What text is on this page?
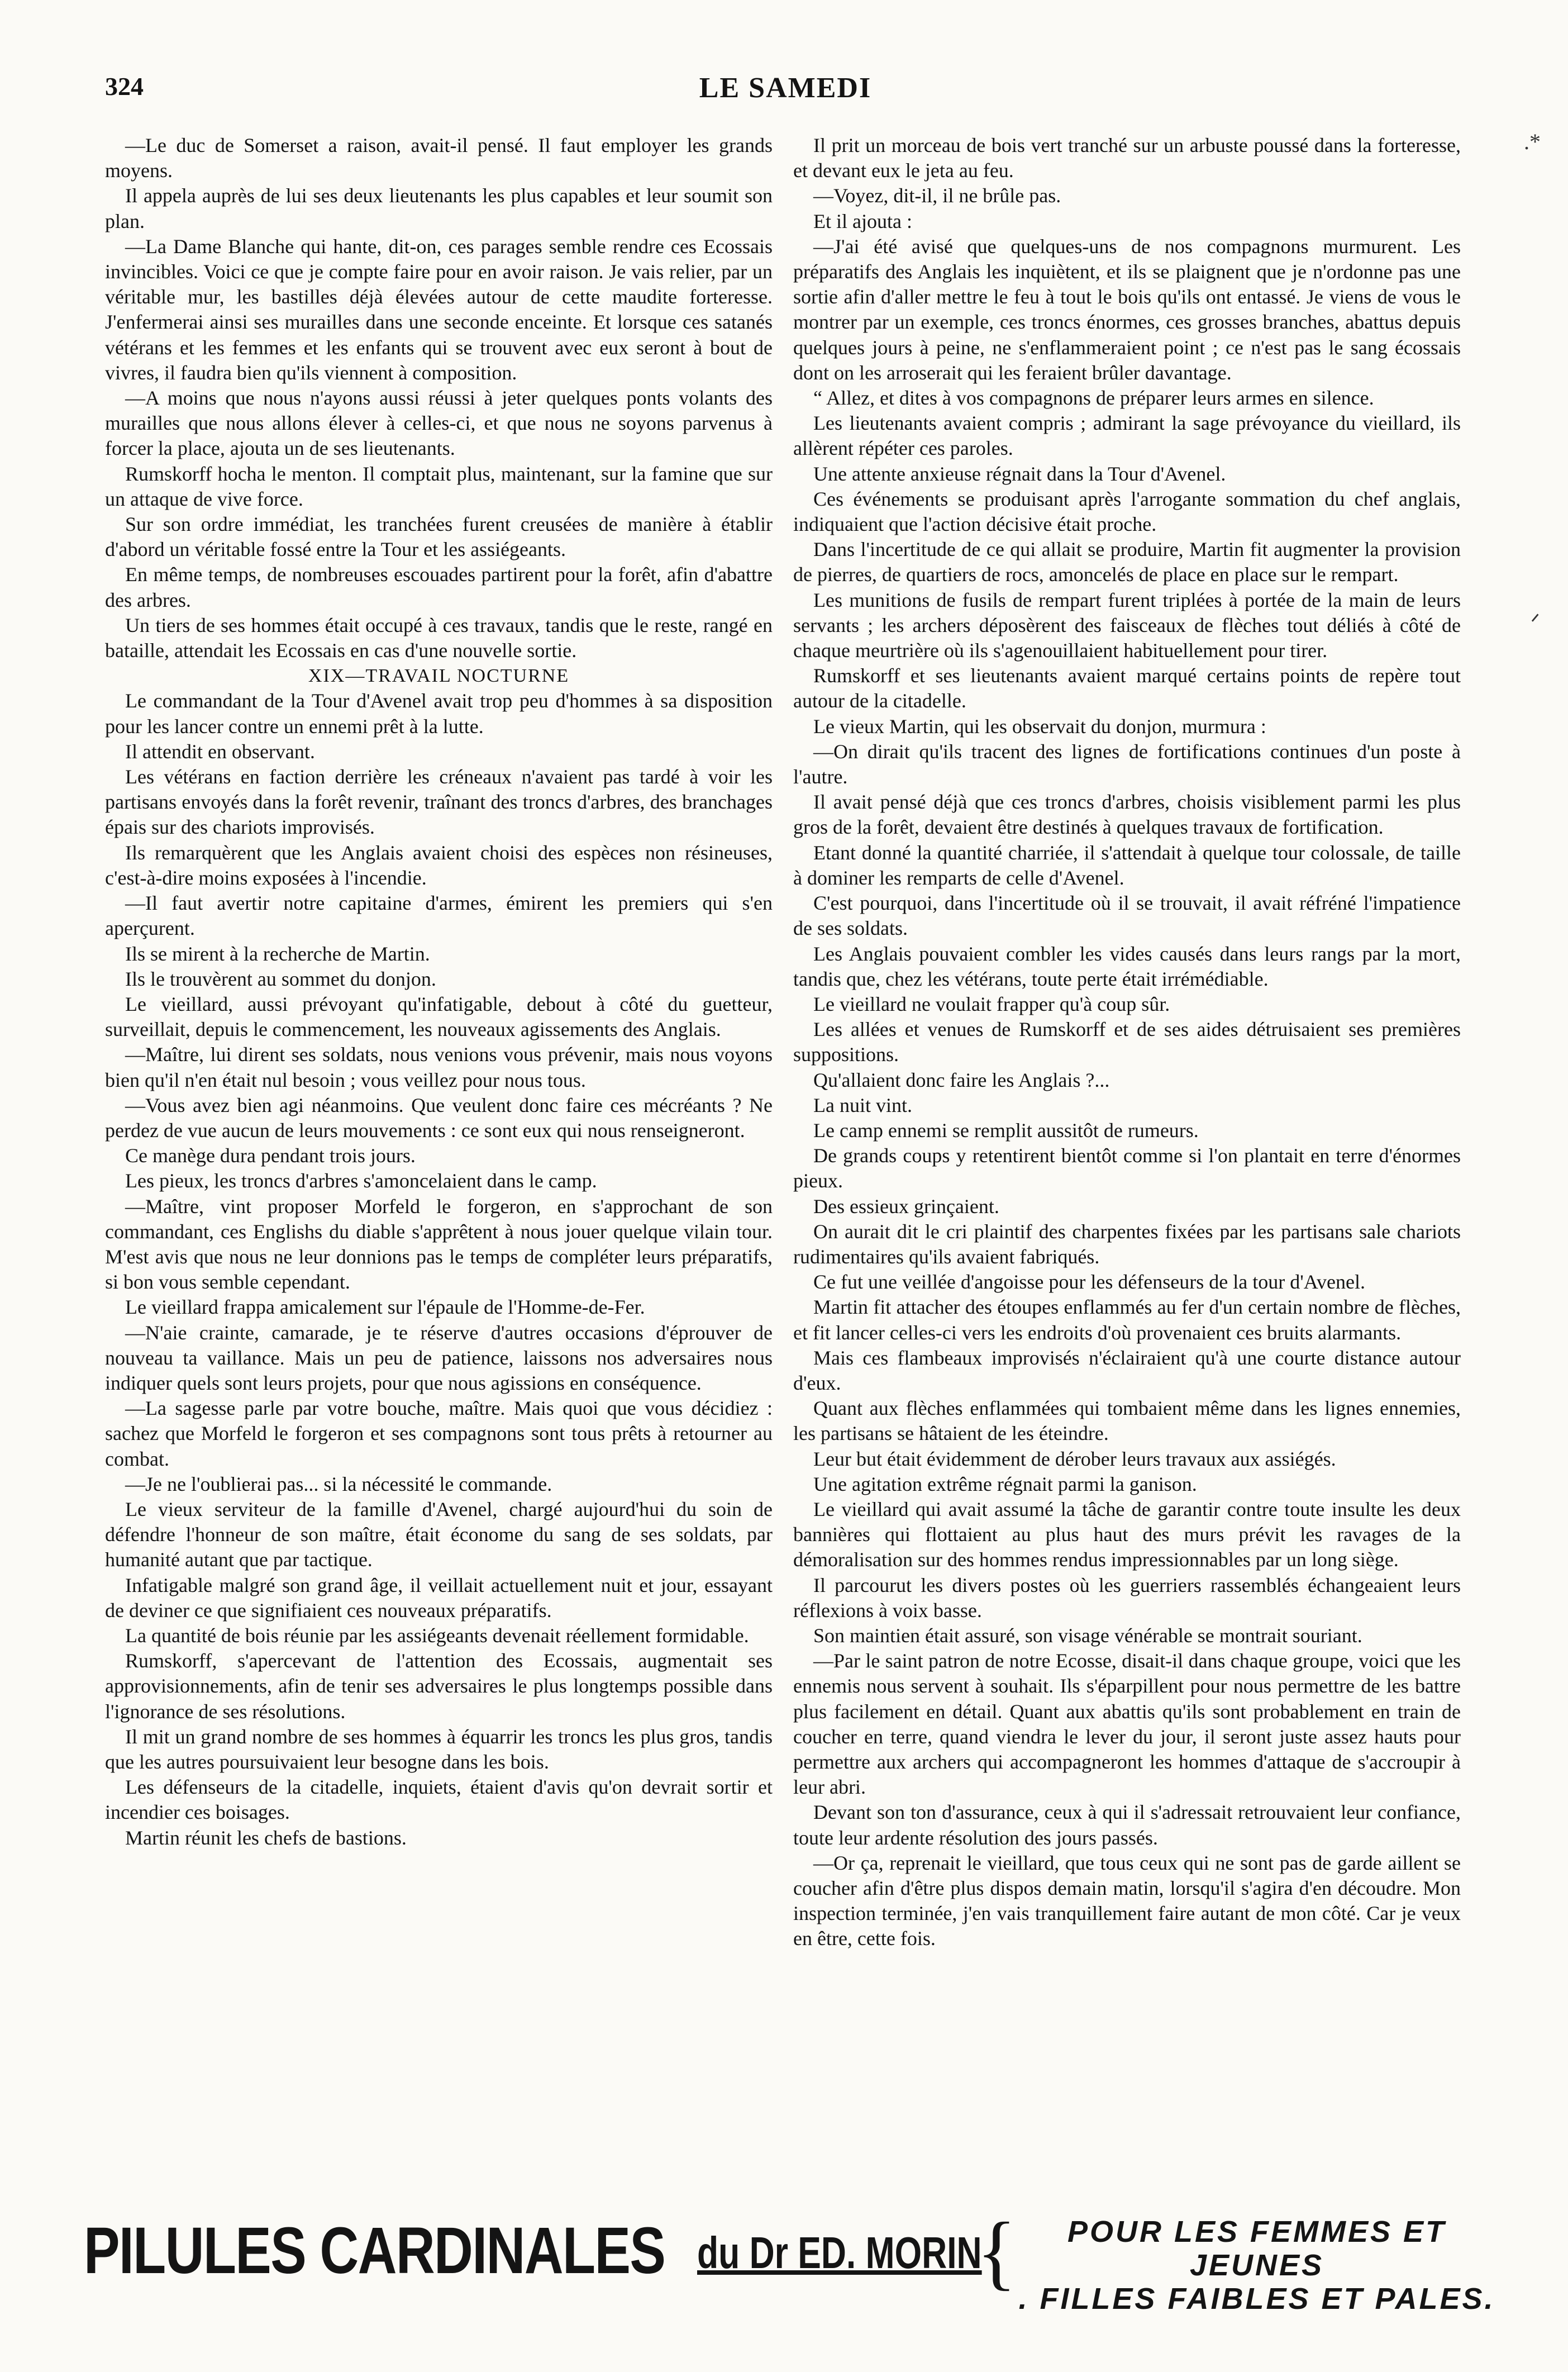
324	LE SAMEDI

—Le duc de Somerset a raison, avait-il pensé. Il faut employer les grands moyens.

Il appela auprès de lui ses deux lieutenants les plus capables et leur soumit son plan.

—La Dame Blanche qui hante, dit-on, ces parages semble rendre ces Ecossais invincibles. Voici ce que je compte faire pour en avoir raison. Je vais relier, par un véritable mur, les bastilles déjà élevées autour de cette maudite forteresse. J'enfermerai ainsi ses murailles dans une seconde enceinte. Et lorsque ces satanés vétérans et les femmes et les enfants qui se trouvent avec eux seront à bout de vivres, il faudra bien qu'ils viennent à composition.

—A moins que nous n'ayons aussi réussi à jeter quelques ponts volants des murailles que nous allons élever à celles-ci, et que nous ne soyons parvenus à forcer la place, ajouta un de ses lieutenants.

Rumskorff hocha le menton. Il comptait plus, maintenant, sur la famine que sur un attaque de vive force.

Sur son ordre immédiat, les tranchées furent creusées de manière à établir d'abord un véritable fossé entre la Tour et les assiégeants.

En même temps, de nombreuses escouades partirent pour la forêt, afin d'abattre des arbres.

Un tiers de ses hommes était occupé à ces travaux, tandis que le reste, rangé en bataille, attendait les Ecossais en cas d'une nouvelle sortie.

XIX—TRAVAIL NOCTURNE

Le commandant de la Tour d'Avenel avait trop peu d'hommes à sa disposition pour les lancer contre un ennemi prêt à la lutte.

Il attendit en observant.

Les vétérans en faction derrière les créneaux n'avaient pas tardé à voir les partisans envoyés dans la forêt revenir, traînant des troncs d'arbres, des branchages épais sur des chariots improvisés.

Ils remarquèrent que les Anglais avaient choisi des espèces non résineuses, c'est-à-dire moins exposées à l'incendie.

—Il faut avertir notre capitaine d'armes, émirent les premiers qui s'en aperçurent.

Ils se mirent à la recherche de Martin.

Ils le trouvèrent au sommet du donjon.

Le vieillard, aussi prévoyant qu'infatigable, debout à côté du guetteur, surveillait, depuis le commencement, les nouveaux agissements des Anglais.

—Maître, lui dirent ses soldats, nous venions vous prévenir, mais nous voyons bien qu'il n'en était nul besoin ; vous veillez pour nous tous.

—Vous avez bien agi néanmoins. Que veulent donc faire ces mécréants ? Ne perdez de vue aucun de leurs mouvements : ce sont eux qui nous renseigneront.

Ce manège dura pendant trois jours.

Les pieux, les troncs d'arbres s'amoncelaient dans le camp.

—Maître, vint proposer Morfeld le forgeron, en s'approchant de son commandant, ces Englishs du diable s'apprêtent à nous jouer quelque vilain tour. M'est avis que nous ne leur donnions pas le temps de compléter leurs préparatifs, si bon vous semble cependant.

Le vieillard frappa amicalement sur l'épaule de l'Homme-de-Fer.

—N'aie crainte, camarade, je te réserve d'autres occasions d'éprouver de nouveau ta vaillance. Mais un peu de patience, laissons nos adversaires nous indiquer quels sont leurs projets, pour que nous agissions en conséquence.

—La sagesse parle par votre bouche, maître. Mais quoi que vous décidiez : sachez que Morfeld le forgeron et ses compagnons sont tous prêts à retourner au combat.

—Je ne l'oublierai pas... si la nécessité le commande.

Le vieux serviteur de la famille d'Avenel, chargé aujourd'hui du soin de défendre l'honneur de son maître, était économe du sang de ses soldats, par humanité autant que par tactique.

Infatigable malgré son grand âge, il veillait actuellement nuit et jour, essayant de deviner ce que signifiaient ces nouveaux préparatifs.

La quantité de bois réunie par les assiégeants devenait réellement formidable.

Rumskorff, s'apercevant de l'attention des Ecossais, augmentait ses approvisionnements, afin de tenir ses adversaires le plus longtemps possible dans l'ignorance de ses résolutions.

Il mit un grand nombre de ses hommes à équarrir les troncs les plus gros, tandis que les autres poursuivaient leur besogne dans les bois.

Les défenseurs de la citadelle, inquiets, étaient d'avis qu'on devrait sortir et incendier ces boisages.

Martin réunit les chefs de bastions.

Il prit un morceau de bois vert tranché sur un arbuste poussé dans la forteresse, et devant eux le jeta au feu.

—Voyez, dit-il, il ne brûle pas.

Et il ajouta :

—J'ai été avisé que quelques-uns de nos compagnons murmurent. Les préparatifs des Anglais les inquiètent, et ils se plaignent que je n'ordonne pas une sortie afin d'aller mettre le feu à tout le bois qu'ils ont entassé. Je viens de vous le montrer par un exemple, ces troncs énormes, ces grosses branches, abattus depuis quelques jours à peine, ne s'enflammeraient point ; ce n'est pas le sang écossais dont on les arroserait qui les feraient brûler davantage.

“ Allez, et dites à vos compagnons de préparer leurs armes en silence.

Les lieutenants avaient compris ; admirant la sage prévoyance du vieillard, ils allèrent répéter ces paroles.

Une attente anxieuse régnait dans la Tour d'Avenel.

Ces événements se produisant après l'arrogante sommation du chef anglais, indiquaient que l'action décisive était proche.

Dans l'incertitude de ce qui allait se produire, Martin fit augmenter la provision de pierres, de quartiers de rocs, amoncelés de place en place sur le rempart.

Les munitions de fusils de rempart furent triplées à portée de la main de leurs servants ; les archers déposèrent des faisceaux de flèches tout déliés à côté de chaque meurtrière où ils s'agenouillaient habituellement pour tirer.

Rumskorff et ses lieutenants avaient marqué certains points de repère tout autour de la citadelle.

Le vieux Martin, qui les observait du donjon, murmura :

—On dirait qu'ils tracent des lignes de fortifications continues d'un poste à l'autre.

Il avait pensé déjà que ces troncs d'arbres, choisis visiblement parmi les plus gros de la forêt, devaient être destinés à quelques travaux de fortification.

Etant donné la quantité charriée, il s'attendait à quelque tour colossale, de taille à dominer les remparts de celle d'Avenel.

C'est pourquoi, dans l'incertitude où il se trouvait, il avait réfréné l'impatience de ses soldats.

Les Anglais pouvaient combler les vides causés dans leurs rangs par la mort, tandis que, chez les vétérans, toute perte était irrémédiable.

Le vieillard ne voulait frapper qu'à coup sûr.

Les allées et venues de Rumskorff et de ses aides détruisaient ses premières suppositions.

Qu'allaient donc faire les Anglais ?...

La nuit vint.

Le camp ennemi se remplit aussitôt de rumeurs.

De grands coups y retentirent bientôt comme si l'on plantait en terre d'énormes pieux.

Des essieux grinçaient.

On aurait dit le cri plaintif des charpentes fixées par les partisans sale chariots rudimentaires qu'ils avaient fabriqués.

Ce fut une veillée d'angoisse pour les défenseurs de la tour d'Avenel.

Martin fit attacher des étoupes enflammés au fer d'un certain nombre de flèches, et fit lancer celles-ci vers les endroits d'où provenaient ces bruits alarmants.

Mais ces flambeaux improvisés n'éclairaient qu'à une courte distance autour d'eux.

Quant aux flèches enflammées qui tombaient même dans les lignes ennemies, les partisans se hâtaient de les éteindre.

Leur but était évidemment de dérober leurs travaux aux assiégés.

Une agitation extrême régnait parmi la ganison.

Le vieillard qui avait assumé la tâche de garantir contre toute insulte les deux bannières qui flottaient au plus haut des murs prévit les ravages de la démoralisation sur des hommes rendus impressionnables par un long siège.

Il parcourut les divers postes où les guerriers rassemblés échangeaient leurs réflexions à voix basse.

Son maintien était assuré, son visage vénérable se montrait souriant.

—Par le saint patron de notre Ecosse, disait-il dans chaque groupe, voici que les ennemis nous servent à souhait. Ils s'éparpillent pour nous permettre de les battre plus facilement en détail. Quant aux abattis qu'ils sont probablement en train de coucher en terre, quand viendra le lever du jour, il seront juste assez hauts pour permettre aux archers qui accompagneront les hommes d'attaque de s'accroupir à leur abri.

Devant son ton d'assurance, ceux à qui il s'adressait retrouvaient leur confiance, toute leur ardente résolution des jours passés.

—Or ça, reprenait le vieillard, que tous ceux qui ne sont pas de garde aillent se coucher afin d'être plus dispos demain matin, lorsqu'il s'agira d'en découdre. Mon inspection terminée, j'en vais tranquillement faire autant de mon côté. Car je veux en être, cette fois.

PILULES CARDINALES du Dr ED. MORIN
{	POUR LES FEMMES ET JEUNES
. FILLES FAIBLES ET PALES.
.*
ᐟ
